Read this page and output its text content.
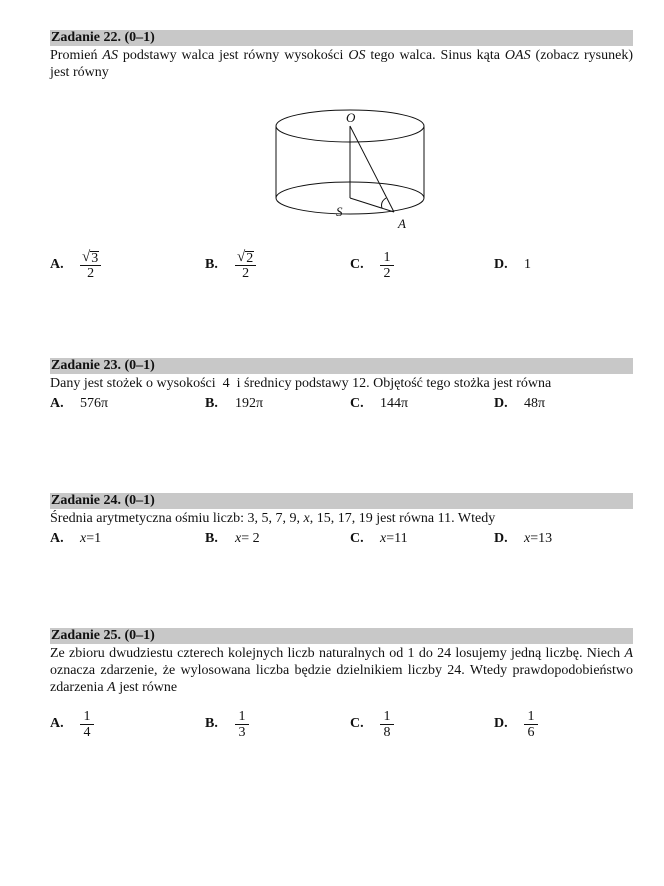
Zadanie 22. (0–1)
Promień AS podstawy walca jest równy wysokości OS tego walca. Sinus kąta OAS (zobacz rysunek) jest równy
O
S
A
A.	$\frac{√ 3}{2}$	B.	$\frac{√ 2}{2}$	C.	$\frac{1}{2}$	D.	1
Zadanie 23. (0–1)
Dany jest stożek o wysokości  4  i średnicy podstawy 12. Objętość tego stożka jest równa
A.	576π	B.	192π	C.	144π	D.	48π
Zadanie 24. (0–1)
Średnia arytmetyczna ośmiu liczb: 3, 5, 7, 9, x, 15, 17, 19 jest równa 11. Wtedy
A.	x =1	B.	x = 2	C.	x =11	D.	x =13
Zadanie 25. (0–1)
Ze zbioru dwudziestu czterech kolejnych liczb naturalnych od 1 do 24 losujemy jedną liczbę. Niech A oznacza zdarzenie, że wylosowana liczba będzie dzielnikiem liczby 24. Wtedy prawdopodobieństwo zdarzenia A jest równe
A.	$\frac{1}{4}$	B.	$\frac{1}{3}$	C.	$\frac{1}{8}$	D.	$\frac{1}{6}$
